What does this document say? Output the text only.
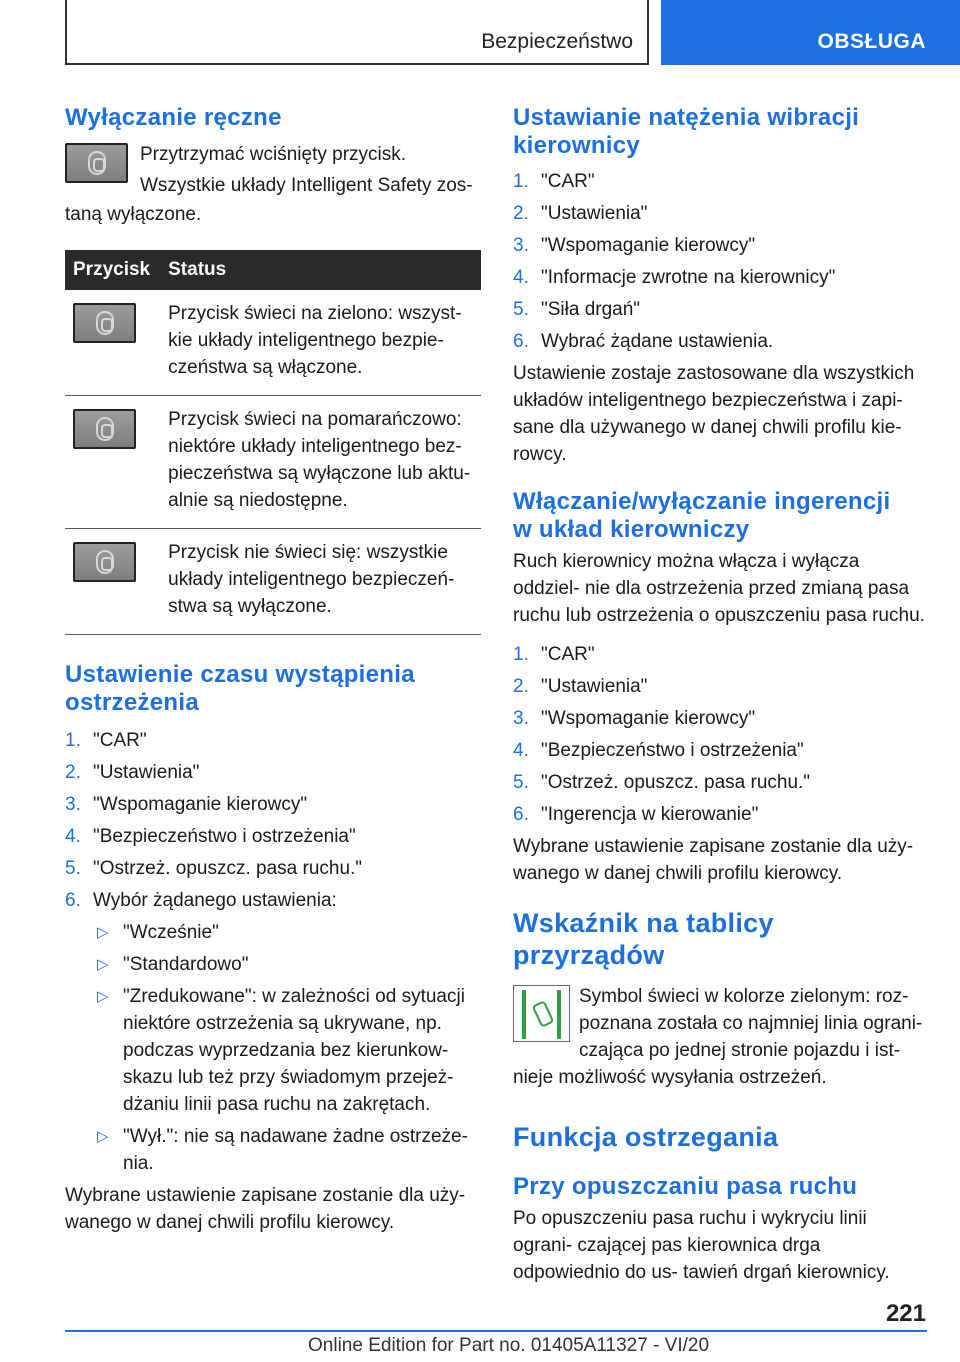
Bezpieczeństwo	OBSŁUGA
Wyłączanie ręczne
Przytrzymać wciśnięty przycisk.
Wszystkie układy Intelligent Safety zos-
taną wyłączone.
Przycisk	Status

	Przycisk świeci na zielono: wszyst- kie układy inteligentnego bezpie- czeństwa są włączone.

	Przycisk świeci na pomarańczowo: niektóre układy inteligentnego bez- pieczeństwa są wyłączone lub aktu- alnie są niedostępne.

	Przycisk nie świeci się: wszystkie układy inteligentnego bezpieczeń- stwa są wyłączone.
Ustawienie czasu wystąpienia
ostrzeżenia
1. "CAR"
2. "Ustawienia"
3. "Wspomaganie kierowcy"
4. "Bezpieczeństwo i ostrzeżenia"
5. "Ostrzeż. opuszcz. pasa ruchu."
6. Wybór żądanego ustawienia:
▷ "Wcześnie"
▷ "Standardowo"
▷ "Zredukowane": w zależności od sytuacji niektóre ostrzeżenia są ukrywane, np. podczas wyprzedzania bez kierunkow- skazu lub też przy świadomym przejeż- dżaniu linii pasa ruchu na zakrętach.
▷ "Wył.": nie są nadawane żadne ostrzeże- nia.
Wybrane ustawienie zapisane zostanie dla uży- wanego w danej chwili profilu kierowcy.
Ustawianie natężenia wibracji
kierownicy
1. "CAR"
2. "Ustawienia"
3. "Wspomaganie kierowcy"
4. "Informacje zwrotne na kierownicy"
5. "Siła drgań"
6. Wybrać żądane ustawienia.
Ustawienie zostaje zastosowane dla wszystkich układów inteligentnego bezpieczeństwa i zapi- sane dla używanego w danej chwili profilu kie- rowcy.
Włączanie/wyłączanie ingerencji
w układ kierowniczy
Ruch kierownicy można włącza i wyłącza oddziel- nie dla ostrzeżenia przed zmianą pasa ruchu lub ostrzeżenia o opuszczeniu pasa ruchu.
1. "CAR"
2. "Ustawienia"
3. "Wspomaganie kierowcy"
4. "Bezpieczeństwo i ostrzeżenia"
5. "Ostrzeż. opuszcz. pasa ruchu."
6. "Ingerencja w kierowanie"
Wybrane ustawienie zapisane zostanie dla uży- wanego w danej chwili profilu kierowcy.
Wskaźnik na tablicy przyrządów
Symbol świeci w kolorze zielonym: roz-
poznana została co najmniej linia ograni-
czająca po jednej stronie pojazdu i ist-
nieje możliwość wysyłania ostrzeżeń.
Funkcja ostrzegania
Przy opuszczaniu pasa ruchu
Po opuszczeniu pasa ruchu i wykryciu linii ograni- czającej pas kierownica drga odpowiednio do us- tawień drgań kierownicy.
221
Online Edition for Part no. 01405A11327 - VI/20
